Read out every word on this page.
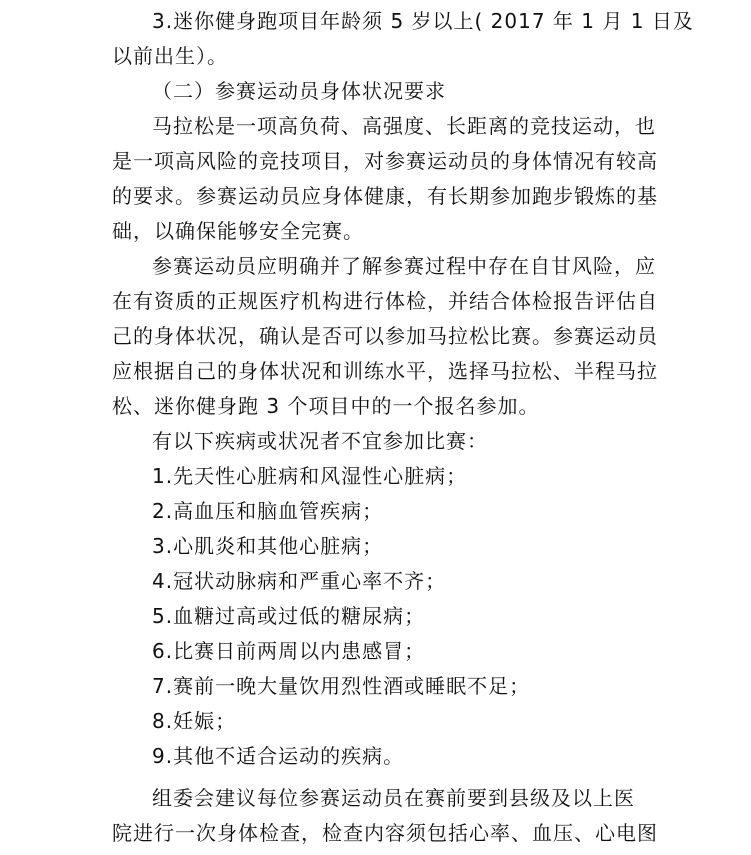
3.迷你健身跑项目年龄须 5 岁以上( 2017 年 1 月 1 日及
以前出生）。
（二）参赛运动员身体状况要求
马拉松是一项高负荷、高强度、长距离的竞技运动，也
是一项高风险的竞技项目，对参赛运动员的身体情况有较高
的要求。参赛运动员应身体健康，有长期参加跑步锻炼的基
础，以确保能够安全完赛。
参赛运动员应明确并了解参赛过程中存在自甘风险，应
在有资质的正规医疗机构进行体检，并结合体检报告评估自
己的身体状况，确认是否可以参加马拉松比赛。参赛运动员
应根据自己的身体状况和训练水平，选择马拉松、半程马拉
松、迷你健身跑 3 个项目中的一个报名参加。
有以下疾病或状况者不宜参加比赛：
1.先天性心脏病和风湿性心脏病；
2.高血压和脑血管疾病；
3.心肌炎和其他心脏病；
4.冠状动脉病和严重心率不齐；
5.血糖过高或过低的糖尿病；
6.比赛日前两周以内患感冒；
7.赛前一晚大量饮用烈性酒或睡眠不足；
8.妊娠；
9.其他不适合运动的疾病。
组委会建议每位参赛运动员在赛前要到县级及以上医
院进行一次身体检查，检查内容须包括心率、血压、心电图
